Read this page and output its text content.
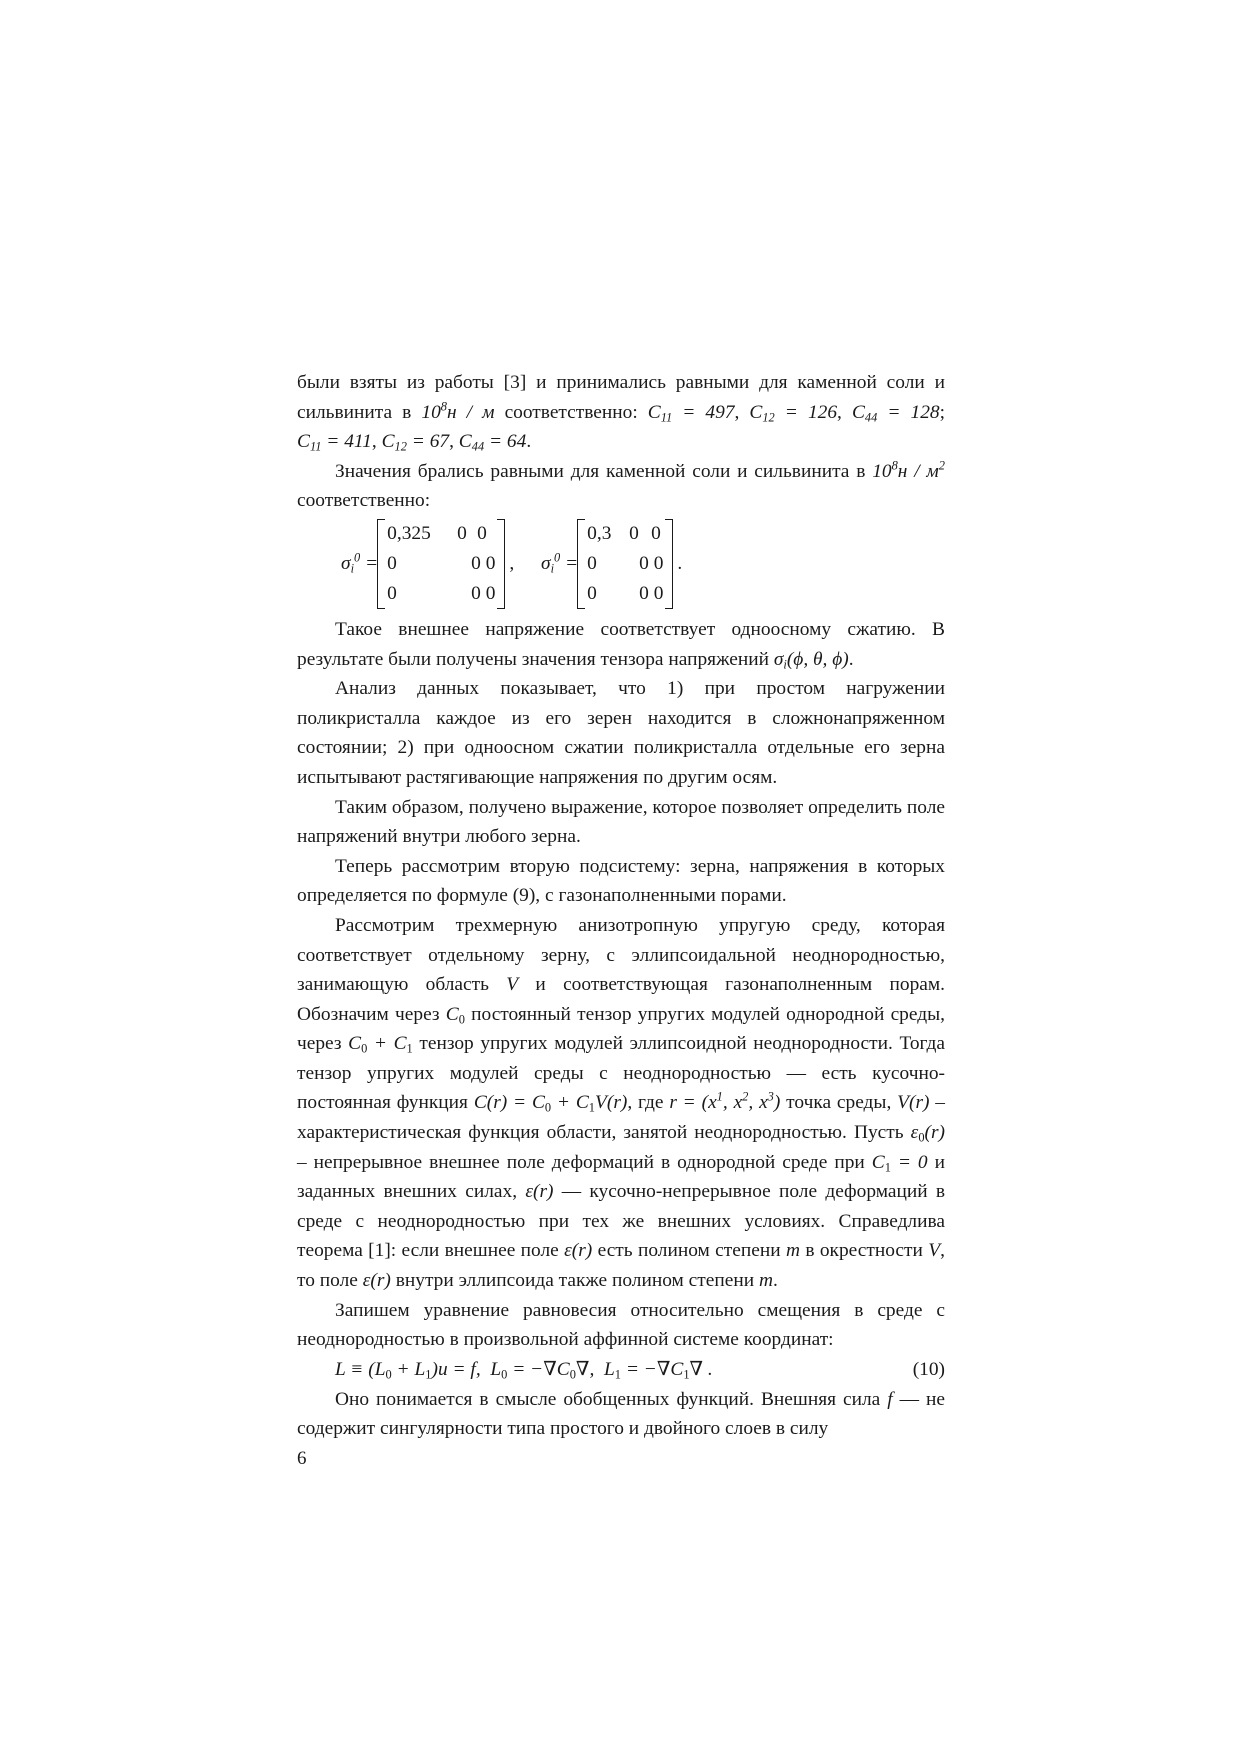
были взяты из работы [3] и принимались равными для каменной соли и сильвинита в $10^8н$ / м соответственно: $C_{11} = 497$, $C_{12} = 126$, $C_{44} = 128$; $C_{11} = 411$, $C_{12} = 67$, $C_{44} = 64$.

Значения брались равными для каменной соли и сильвинита в $10^8н / м^2$ соответственно:

$\sigma_i^0$ =
0,325 0 0
0	0 0
0	0 0
, $\sigma_i^0$ =
0,3 0 0
0 0 0
0 0 0
.

Такое внешнее напряжение соответствует одноосному сжатию. В результате были получены значения тензора напряжений $\sigma_i(\phi$, θ, ϕ).

Анализ данных показывает, что 1) при простом нагружении поликристалла каждое из его зерен находится в сложнонапряженном состоянии; 2) при одноосном сжатии поликристалла отдельные его зерна испытывают растягивающие напряжения по другим осям.

Таким образом, получено выражение, которое позволяет определить поле напряжений внутри любого зерна.

Теперь рассмотрим вторую подсистему: зерна, напряжения в которых определяется по формуле (9), с газонаполненными порами.

Рассмотрим трехмерную анизотропную упругую среду, которая соответствует отдельному зерну, с эллипсоидальной неоднородностью, занимающую область V и соответствующая газонаполненным порам. Обозначим через $C_0$ постоянный тензор упругих модулей однородной среды, через $C_0 + C_1$ тензор упругих модулей эллипсоидной неоднородности. Тогда тензор упругих модулей среды с неоднородностью — есть кусочно-постоянная функция $C(r) = C_0 + C_1V(r)$, где $r = (x^1$, $x^2$, $x^3$) точка среды, V(r) – характеристическая функция области, занятой неоднородностью. Пусть $\varepsilon_0(r)$ – непрерывное внешнее поле деформаций в однородной среде при $C_1 = 0$ и заданных внешних силах, ε(r) — кусочно-непрерывное поле деформаций в среде с неоднородностью при тех же внешних условиях. Справедлива теорема [1]: если внешнее поле ε(r) есть полином степени m в окрестности V, то поле ε(r) внутри эллипсоида также полином степени m.

Запишем уравнение равновесия относительно смещения в среде с неоднородностью в произвольной аффинной системе координат:

$L \equiv (L_0 + L_1)u = f$,  $L_0 = -\nabla C_0\nabla$,  $L_1 = -\nabla C_1\nabla$ .	(10)

Оно понимается в смысле обобщенных функций. Внешняя сила f — не содержит сингулярности типа простого и двойного слоев в силу

6
